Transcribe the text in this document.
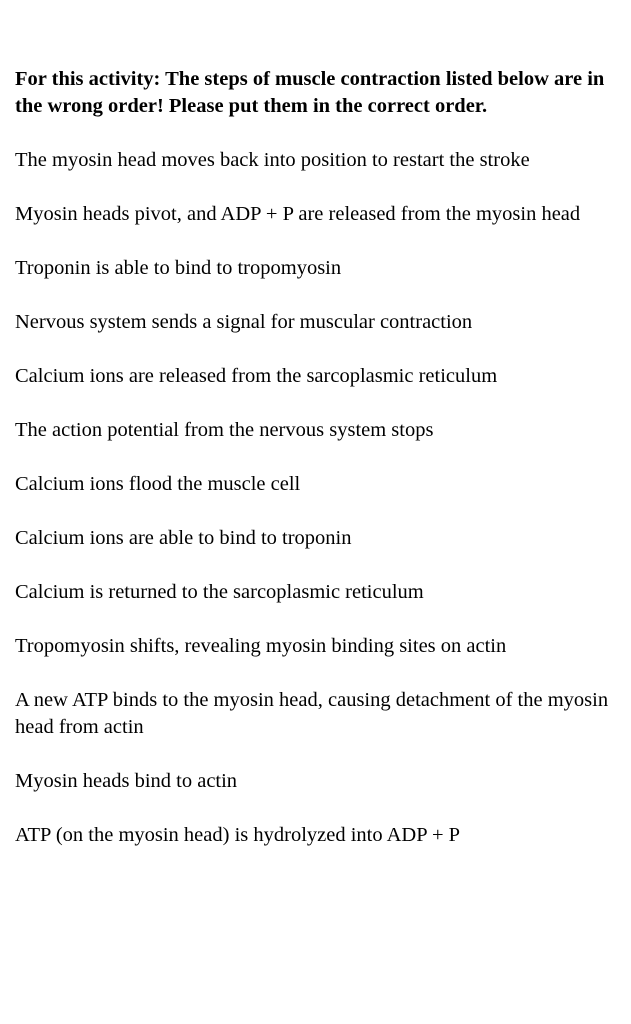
For this activity: The steps of muscle contraction listed below are in the wrong order! Please put them in the correct order.

The myosin head moves back into position to restart the stroke
Myosin heads pivot, and ADP + P are released from the myosin head
Troponin is able to bind to tropomyosin
Nervous system sends a signal for muscular contraction
Calcium ions are released from the sarcoplasmic reticulum
The action potential from the nervous system stops
Calcium ions flood the muscle cell
Calcium ions are able to bind to troponin
Calcium is returned to the sarcoplasmic reticulum
Tropomyosin shifts, revealing myosin binding sites on actin
A new ATP binds to the myosin head, causing detachment of the myosin head from actin
Myosin heads bind to actin
ATP (on the myosin head) is hydrolyzed into ADP + P
